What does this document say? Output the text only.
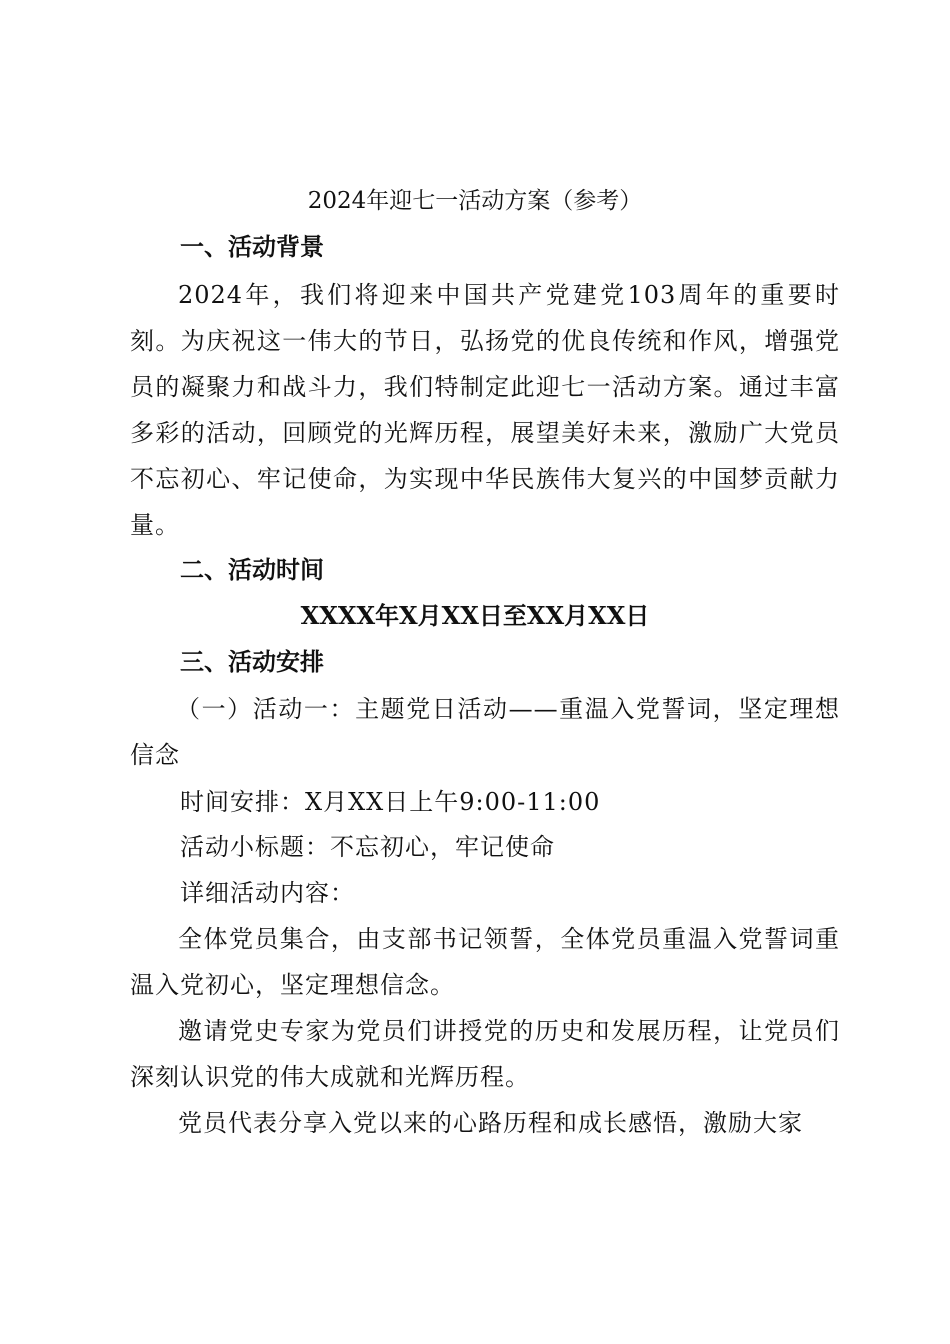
2024年迎七一活动方案（参考）
一、活动背景
2024年，我们将迎来中国共产党建党103周年的重要时刻。为庆祝这一伟大的节日，弘扬党的优良传统和作风，增强党员的凝聚力和战斗力，我们特制定此迎七一活动方案。通过丰富多彩的活动，回顾党的光辉历程，展望美好未来，激励广大党员不忘初心、牢记使命，为实现中华民族伟大复兴的中国梦贡献力量。
二、活动时间
XXXX年X月XX日至XX月XX日
三、活动安排
（一）活动一：主题党日活动——重温入党誓词，坚定理想信念
时间安排：X月XX日上午9:00-11:00
活动小标题：不忘初心，牢记使命
详细活动内容：
全体党员集合，由支部书记领誓，全体党员重温入党誓词重温入党初心，坚定理想信念。
邀请党史专家为党员们讲授党的历史和发展历程，让党员们深刻认识党的伟大成就和光辉历程。
党员代表分享入党以来的心路历程和成长感悟，激励大家
